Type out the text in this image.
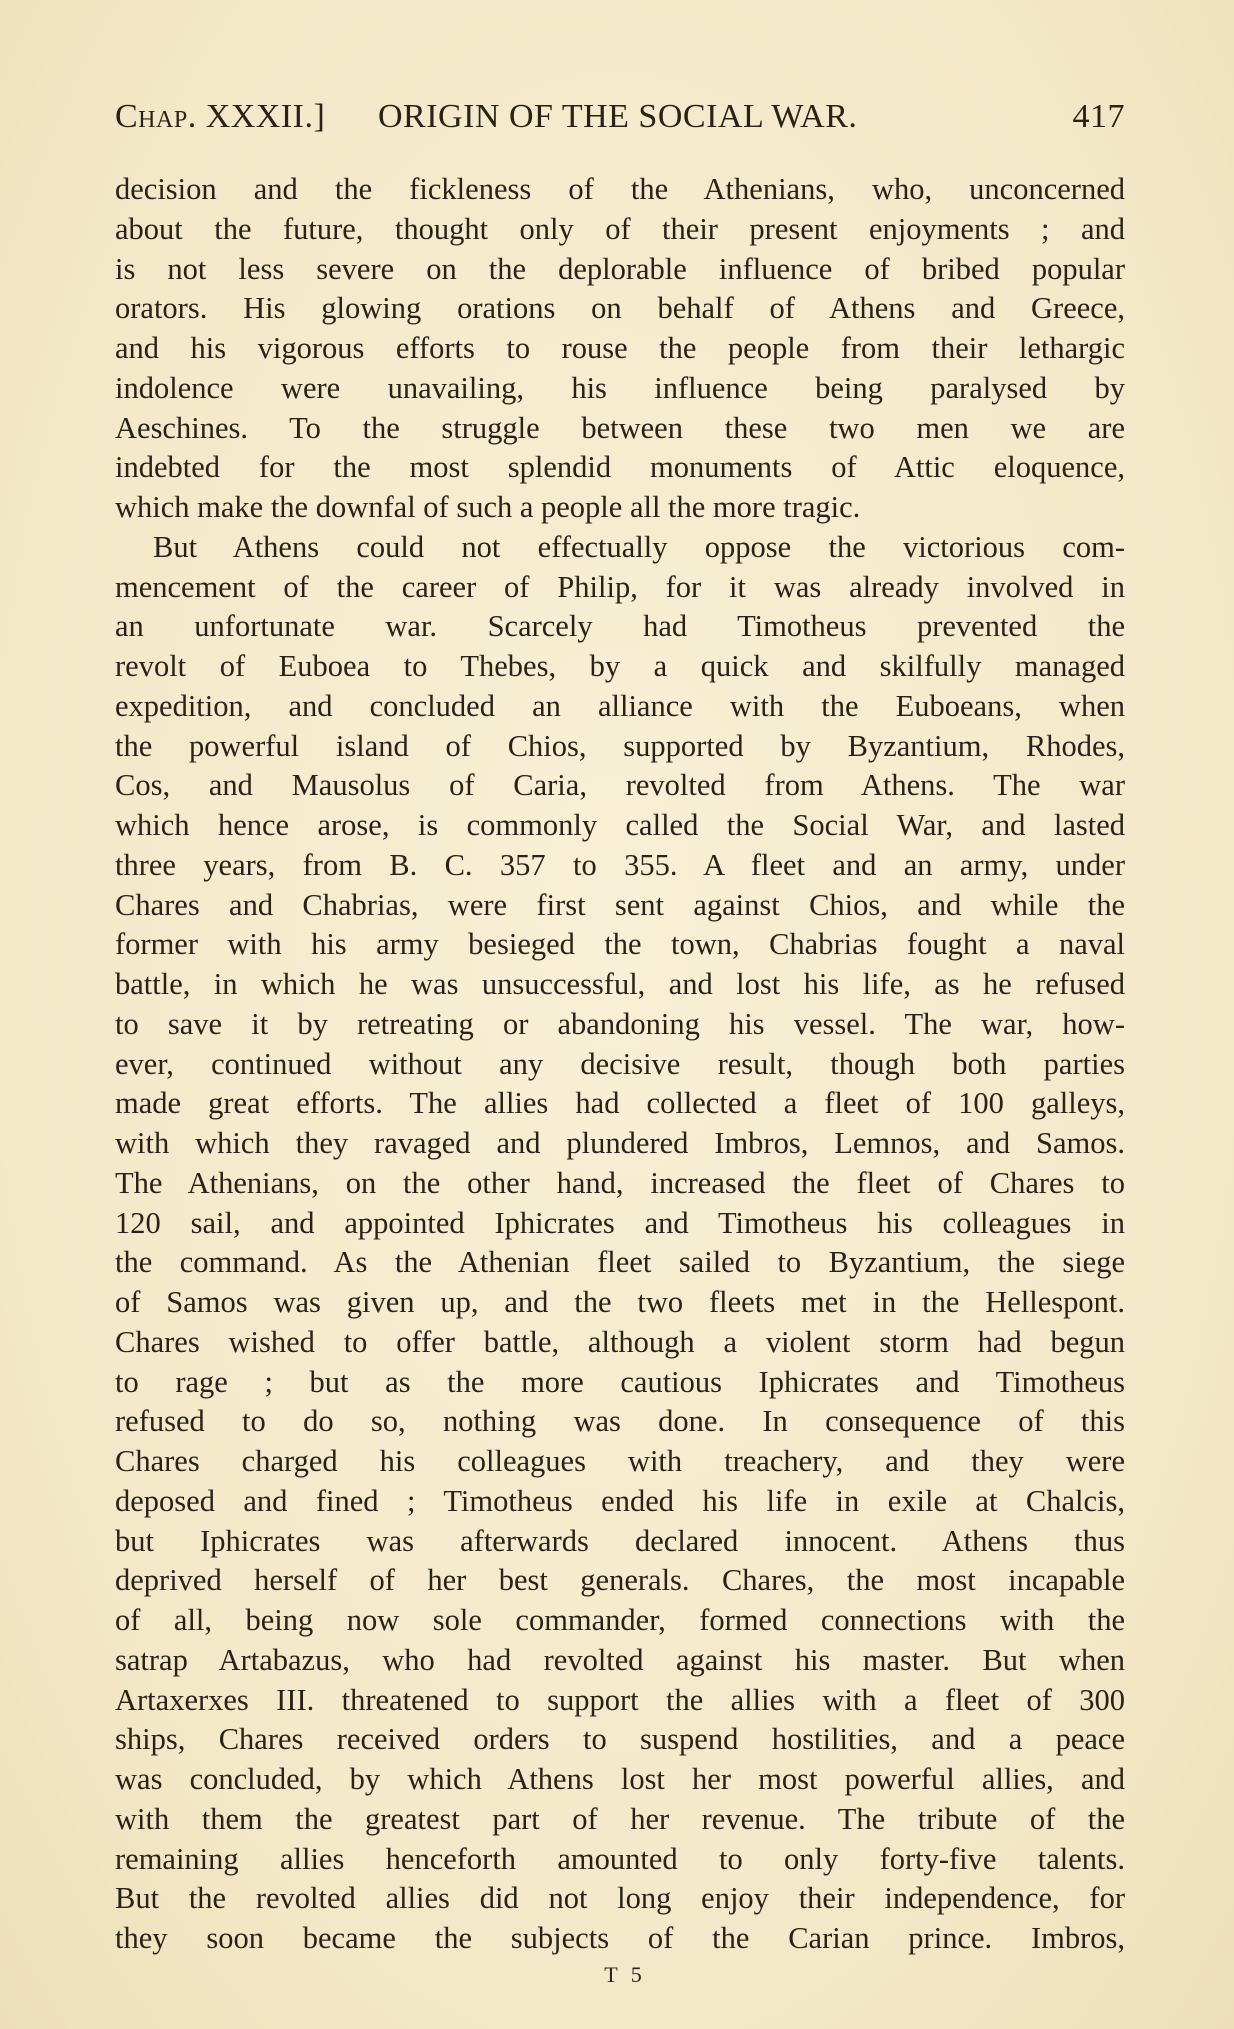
Chap. XXXII.] ORIGIN OF THE SOCIAL WAR.	417
decision and the fickleness of the Athenians, who, unconcerned
about the future, thought only of their present enjoyments ; and
is not less severe on the deplorable influence of bribed popular
orators. His glowing orations on behalf of Athens and Greece,
and his vigorous efforts to rouse the people from their lethargic
indolence were unavailing, his influence being paralysed by
Aeschines. To the struggle between these two men we are
indebted for the most splendid monuments of Attic eloquence,
which make the downfal of such a people all the more tragic.
But Athens could not effectually oppose the victorious com-
mencement of the career of Philip, for it was already involved in
an unfortunate war. Scarcely had Timotheus prevented the
revolt of Euboea to Thebes, by a quick and skilfully managed
expedition, and concluded an alliance with the Euboeans, when
the powerful island of Chios, supported by Byzantium, Rhodes,
Cos, and Mausolus of Caria, revolted from Athens. The war
which hence arose, is commonly called the Social War, and lasted
three years, from B. C. 357 to 355. A fleet and an army, under
Chares and Chabrias, were first sent against Chios, and while the
former with his army besieged the town, Chabrias fought a naval
battle, in which he was unsuccessful, and lost his life, as he refused
to save it by retreating or abandoning his vessel. The war, how-
ever, continued without any decisive result, though both parties
made great efforts. The allies had collected a fleet of 100 galleys,
with which they ravaged and plundered Imbros, Lemnos, and Samos.
The Athenians, on the other hand, increased the fleet of Chares to
120 sail, and appointed Iphicrates and Timotheus his colleagues in
the command. As the Athenian fleet sailed to Byzantium, the siege
of Samos was given up, and the two fleets met in the Hellespont.
Chares wished to offer battle, although a violent storm had begun
to rage ; but as the more cautious Iphicrates and Timotheus
refused to do so, nothing was done. In consequence of this
Chares charged his colleagues with treachery, and they were
deposed and fined ; Timotheus ended his life in exile at Chalcis,
but Iphicrates was afterwards declared innocent. Athens thus
deprived herself of her best generals. Chares, the most incapable
of all, being now sole commander, formed connections with the
satrap Artabazus, who had revolted against his master. But when
Artaxerxes III. threatened to support the allies with a fleet of 300
ships, Chares received orders to suspend hostilities, and a peace
was concluded, by which Athens lost her most powerful allies, and
with them the greatest part of her revenue. The tribute of the
remaining allies henceforth amounted to only forty-five talents.
But the revolted allies did not long enjoy their independence, for
they soon became the subjects of the Carian prince. Imbros,
T 5
